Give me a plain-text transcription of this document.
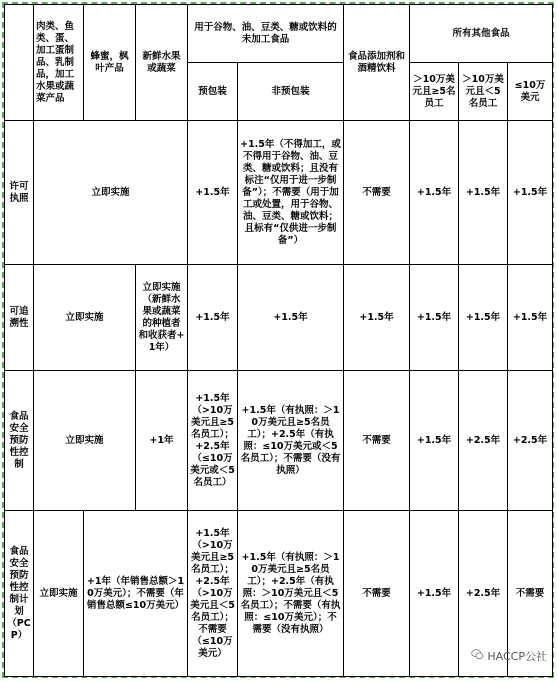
	肉类、鱼类、蛋、加工蛋制品、乳制品，加工水果或蔬菜产品	蜂蜜，枫叶产品	新鲜水果或蔬菜	用于谷物、油、豆类、糖或饮料的未加工食品		食品添加剂和酒精饮料	所有其他食品		
				预包装	非预包装		＞10万美元且≥5名员工	＞10万美元且＜5名员工	≤10万美元
许可执照	立即实施			+1.5年	+1.5年（不得加工，或不得用于谷物、油、豆类、糖或饮料；且没有标注“仅用于进一步制备”）；不需要（用于加工或处置，用于谷物、油、豆类、糖或饮料；且标有“仅供进一步制备”）	不需要	+1.5年	+1.5年	+1.5年
可追溯性	立即实施		立即实施（新鲜水果或蔬菜的种植者和收获者+1年）	+1.5年	+1.5年	+1.5年	+1.5年	+1.5年	+1.5年
食品安全预防性控制	立即实施		+1年	+1.5年（>10万美元且≥5名员工）；+2.5年（≤10万美元或＜5名员工）	+1.5年（有执照：＞10万美元且≥5名员工）；+2.5年（有执照：≤10万美元或＜5名员工）；不需要（没有执照）	不需要	+1.5年	+2.5年	+2.5年
食品安全预防性控制计划（PCP）	立即实施	+1年（年销售总额＞10万美元）；不需要（年销售总额≤10万美元）		+1.5年（>10万美元且≥5名员工）；+2.5年（>10万美元且＜5名员工）；不需要（≤10万美元）	+1.5年（有执照：＞10万美元且≥5名员工）；+2.5年（有执照：＞10万美元且＜5名员工）；不需要（有执照：≤10万美元）；不需要（没有执照）	不需要	+1.5年	+2.5年	不需要
HACCP公社
